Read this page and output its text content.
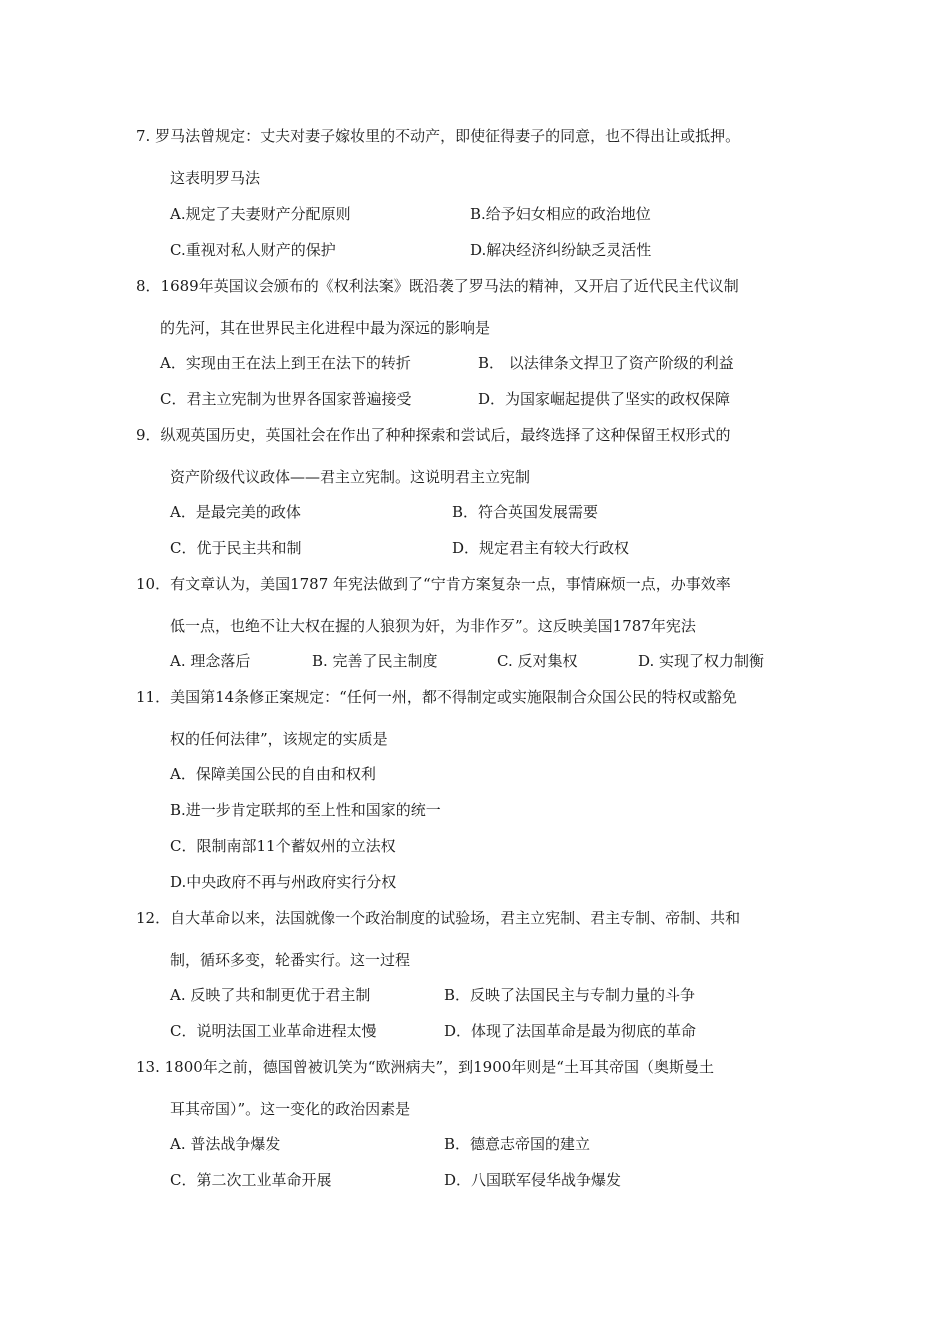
7. 罗马法曾规定：丈夫对妻子嫁妆里的不动产，即使征得妻子的同意，也不得出让或抵押。
这表明罗马法
A.规定了夫妻财产分配原则	B.给予妇女相应的政治地位
C.重视对私人财产的保护	D.解决经济纠纷缺乏灵活性
8．1689年英国议会颁布的《权利法案》既沿袭了罗马法的精神，又开启了近代民主代议制
的先河，其在世界民主化进程中最为深远的影响是
A．实现由王在法上到王在法下的转折	B． 以法律条文捍卫了资产阶级的利益
C．君主立宪制为世界各国家普遍接受	D．为国家崛起提供了坚实的政权保障
9．纵观英国历史，英国社会在作出了种种探索和尝试后，最终选择了这种保留王权形式的
资产阶级代议政体——君主立宪制。这说明君主立宪制
A．是最完美的政体	B．符合英国发展需要
C．优于民主共和制	D．规定君主有较大行政权
10．有文章认为，美国1787 年宪法做到了“宁肯方案复杂一点，事情麻烦一点，办事效率
低一点，也绝不让大权在握的人狼狈为奸，为非作歹”。这反映美国1787年宪法
A. 理念落后	B. 完善了民主制度	C. 反对集权	D. 实现了权力制衡
11．美国第14条修正案规定：“任何一州，都不得制定或实施限制合众国公民的特权或豁免
权的任何法律”，该规定的实质是
A．保障美国公民的自由和权利
B.进一步肯定联邦的至上性和国家的统一
C．限制南部11个蓄奴州的立法权
D.中央政府不再与州政府实行分权
12．自大革命以来，法国就像一个政治制度的试验场，君主立宪制、君主专制、帝制、共和
制，循环多变，轮番实行。这一过程
A. 反映了共和制更优于君主制	B．反映了法国民主与专制力量的斗争
C．说明法国工业革命进程太慢	D．体现了法国革命是最为彻底的革命
13. 1800年之前，德国曾被讥笑为“欧洲病夫”，到1900年则是“土耳其帝国（奥斯曼土
耳其帝国）”。这一变化的政治因素是
A. 普法战争爆发	B．德意志帝国的建立
C．第二次工业革命开展	D．八国联军侵华战争爆发
